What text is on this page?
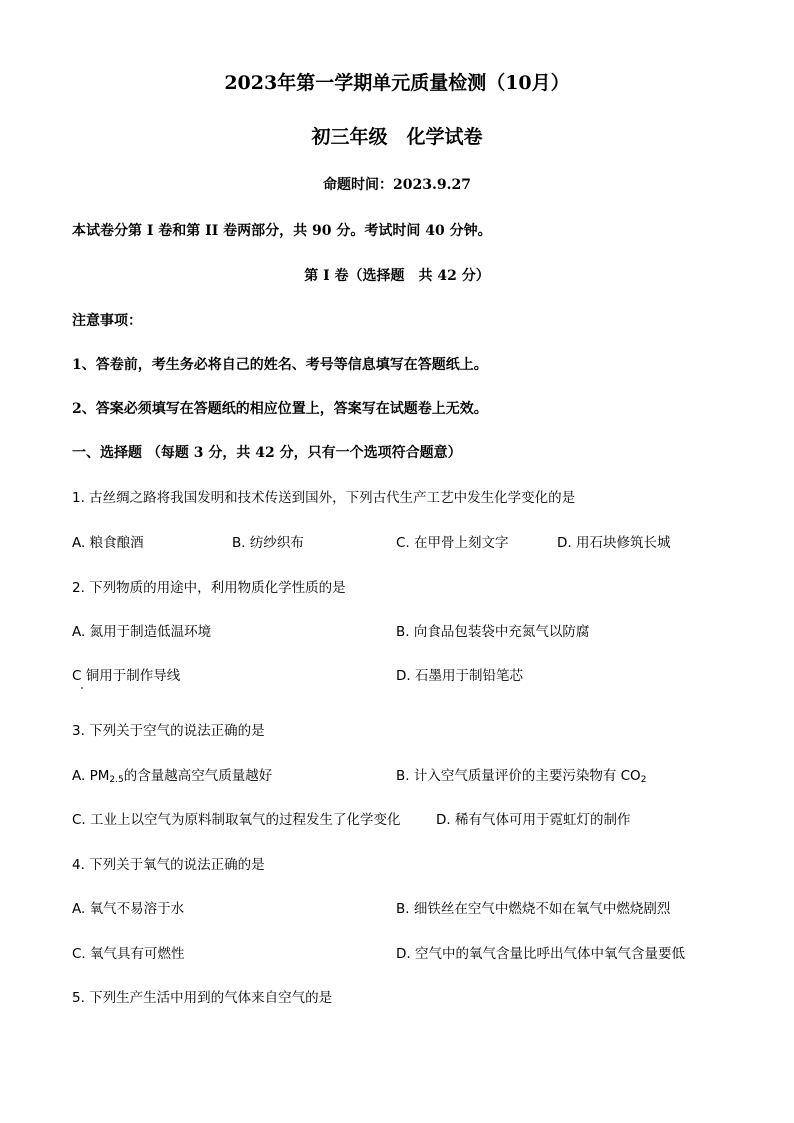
2023年第一学期单元质量检测（10月）
初三年级　化学试卷
命题时间：2023.9.27
本试卷分第 I 卷和第 II 卷两部分，共 90 分。考试时间 40 分钟。
第 I 卷（选择题　共 42 分）
注意事项：
1、答卷前，考生务必将自己的姓名、考号等信息填写在答题纸上。
2、答案必须填写在答题纸的相应位置上，答案写在试题卷上无效。
一、选择题 （每题 3 分，共 42 分，只有一个选项符合题意）
1. 古丝绸之路将我国发明和技术传送到国外，下列古代生产工艺中发生化学变化的是
A. 粮食酿酒	B. 纺纱织布	C. 在甲骨上刻文字	D. 用石块修筑长城
2. 下列物质的用途中，利用物质化学性质的是
A. 氮用于制造低温环境	B. 向食品包装袋中充氮气以防腐
C 铜用于制作导线	D. 石墨用于制铅笔芯
3. 下列关于空气的说法正确的是
A. $PM_{2.5}$的含量越高空气质量越好	B. 计入空气质量评价的主要污染物有 $CO_2$
C. 工业上以空气为原料制取氧气的过程发生了化学变化	D. 稀有气体可用于霓虹灯的制作
4. 下列关于氧气的说法正确的是
A. 氧气不易溶于水	B. 细铁丝在空气中燃烧不如在氧气中燃烧剧烈
C. 氧气具有可燃性	D. 空气中的氧气含量比呼出气体中氧气含量要低
5. 下列生产生活中用到的气体来自空气的是
